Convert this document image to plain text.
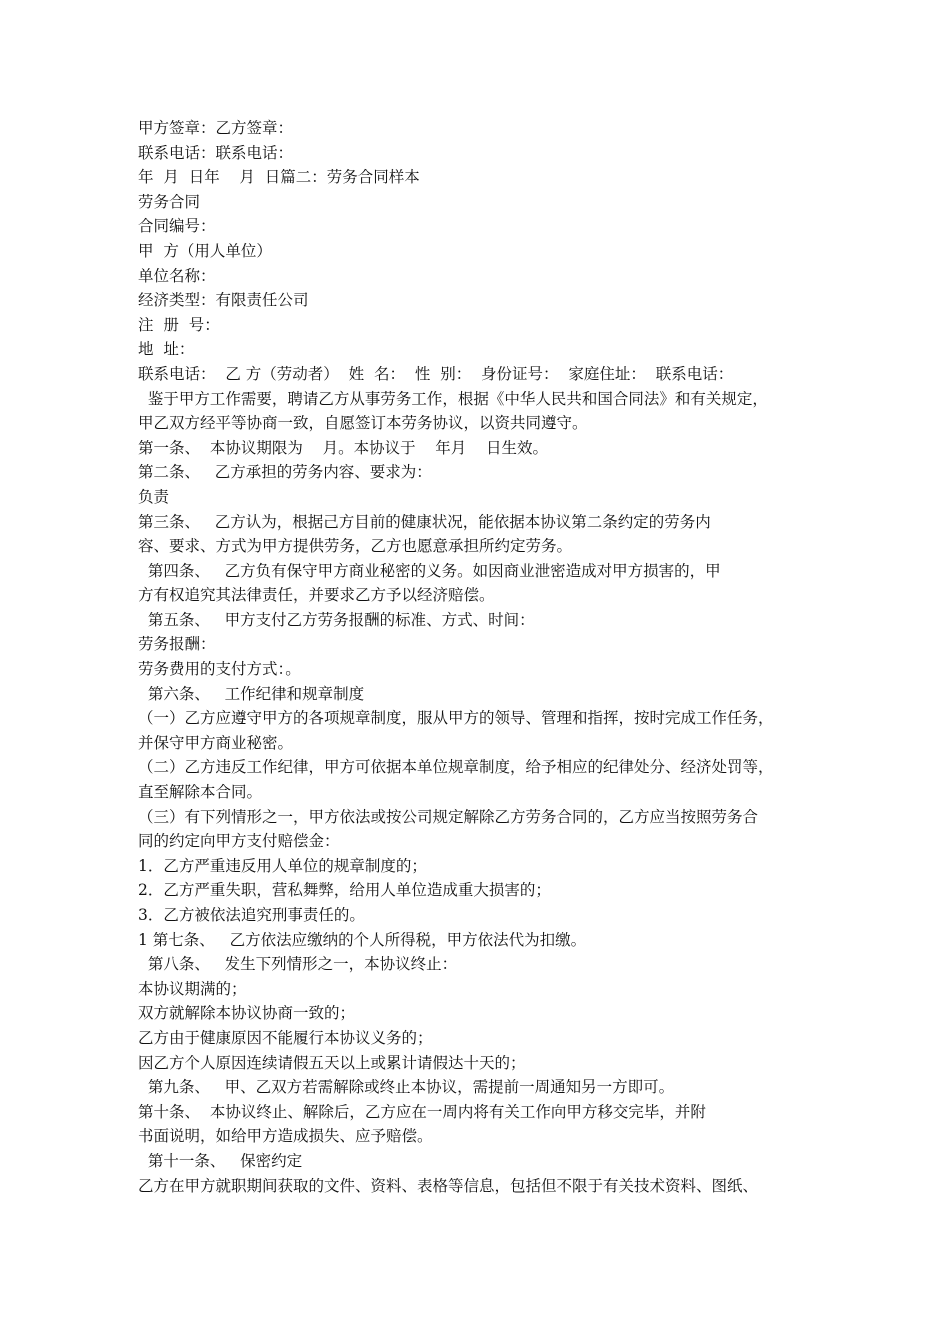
甲方签章：乙方签章：
联系电话：联系电话：
年  月  日年    月  日篇二：劳务合同样本
劳务合同
合同编号：
甲  方（用人单位）
单位名称：
经济类型：有限责任公司
注  册  号：
地  址：
联系电话：  乙 方（劳动者）  姓  名：  性  别：  身份证号：  家庭住址：  联系电话：
鉴于甲方工作需要，聘请乙方从事劳务工作，根据《中华人民共和国合同法》和有关规定，
甲乙双方经平等协商一致，自愿签订本劳务协议，以资共同遵守。
第一条、  本协议期限为    月。本协议于    年月    日生效。
第二条、   乙方承担的劳务内容、要求为：
负责
第三条、   乙方认为，根据己方目前的健康状况，能依据本协议第二条约定的劳务内
容、要求、方式为甲方提供劳务，乙方也愿意承担所约定劳务。
第四条、   乙方负有保守甲方商业秘密的义务。如因商业泄密造成对甲方损害的，甲
方有权追究其法律责任，并要求乙方予以经济赔偿。
第五条、   甲方支付乙方劳务报酬的标准、方式、时间：
劳务报酬：
劳务费用的支付方式：。
第六条、   工作纪律和规章制度
（一）乙方应遵守甲方的各项规章制度，服从甲方的领导、管理和指挥，按时完成工作任务，
并保守甲方商业秘密。
（二）乙方违反工作纪律，甲方可依据本单位规章制度，给予相应的纪律处分、经济处罚等，
直至解除本合同。
（三）有下列情形之一，甲方依法或按公司规定解除乙方劳务合同的，乙方应当按照劳务合
同的约定向甲方支付赔偿金：
1．乙方严重违反用人单位的规章制度的；
2．乙方严重失职，营私舞弊，给用人单位造成重大损害的；
3．乙方被依法追究刑事责任的。
1 第七条、   乙方依法应缴纳的个人所得税，甲方依法代为扣缴。
第八条、   发生下列情形之一，本协议终止：
本协议期满的；
双方就解除本协议协商一致的；
乙方由于健康原因不能履行本协议义务的；
因乙方个人原因连续请假五天以上或累计请假达十天的；
第九条、   甲、乙双方若需解除或终止本协议，需提前一周通知另一方即可。
第十条、  本协议终止、解除后，乙方应在一周内将有关工作向甲方移交完毕，并附
书面说明，如给甲方造成损失、应予赔偿。
第十一条、   保密约定
乙方在甲方就职期间获取的文件、资料、表格等信息，包括但不限于有关技术资料、图纸、
